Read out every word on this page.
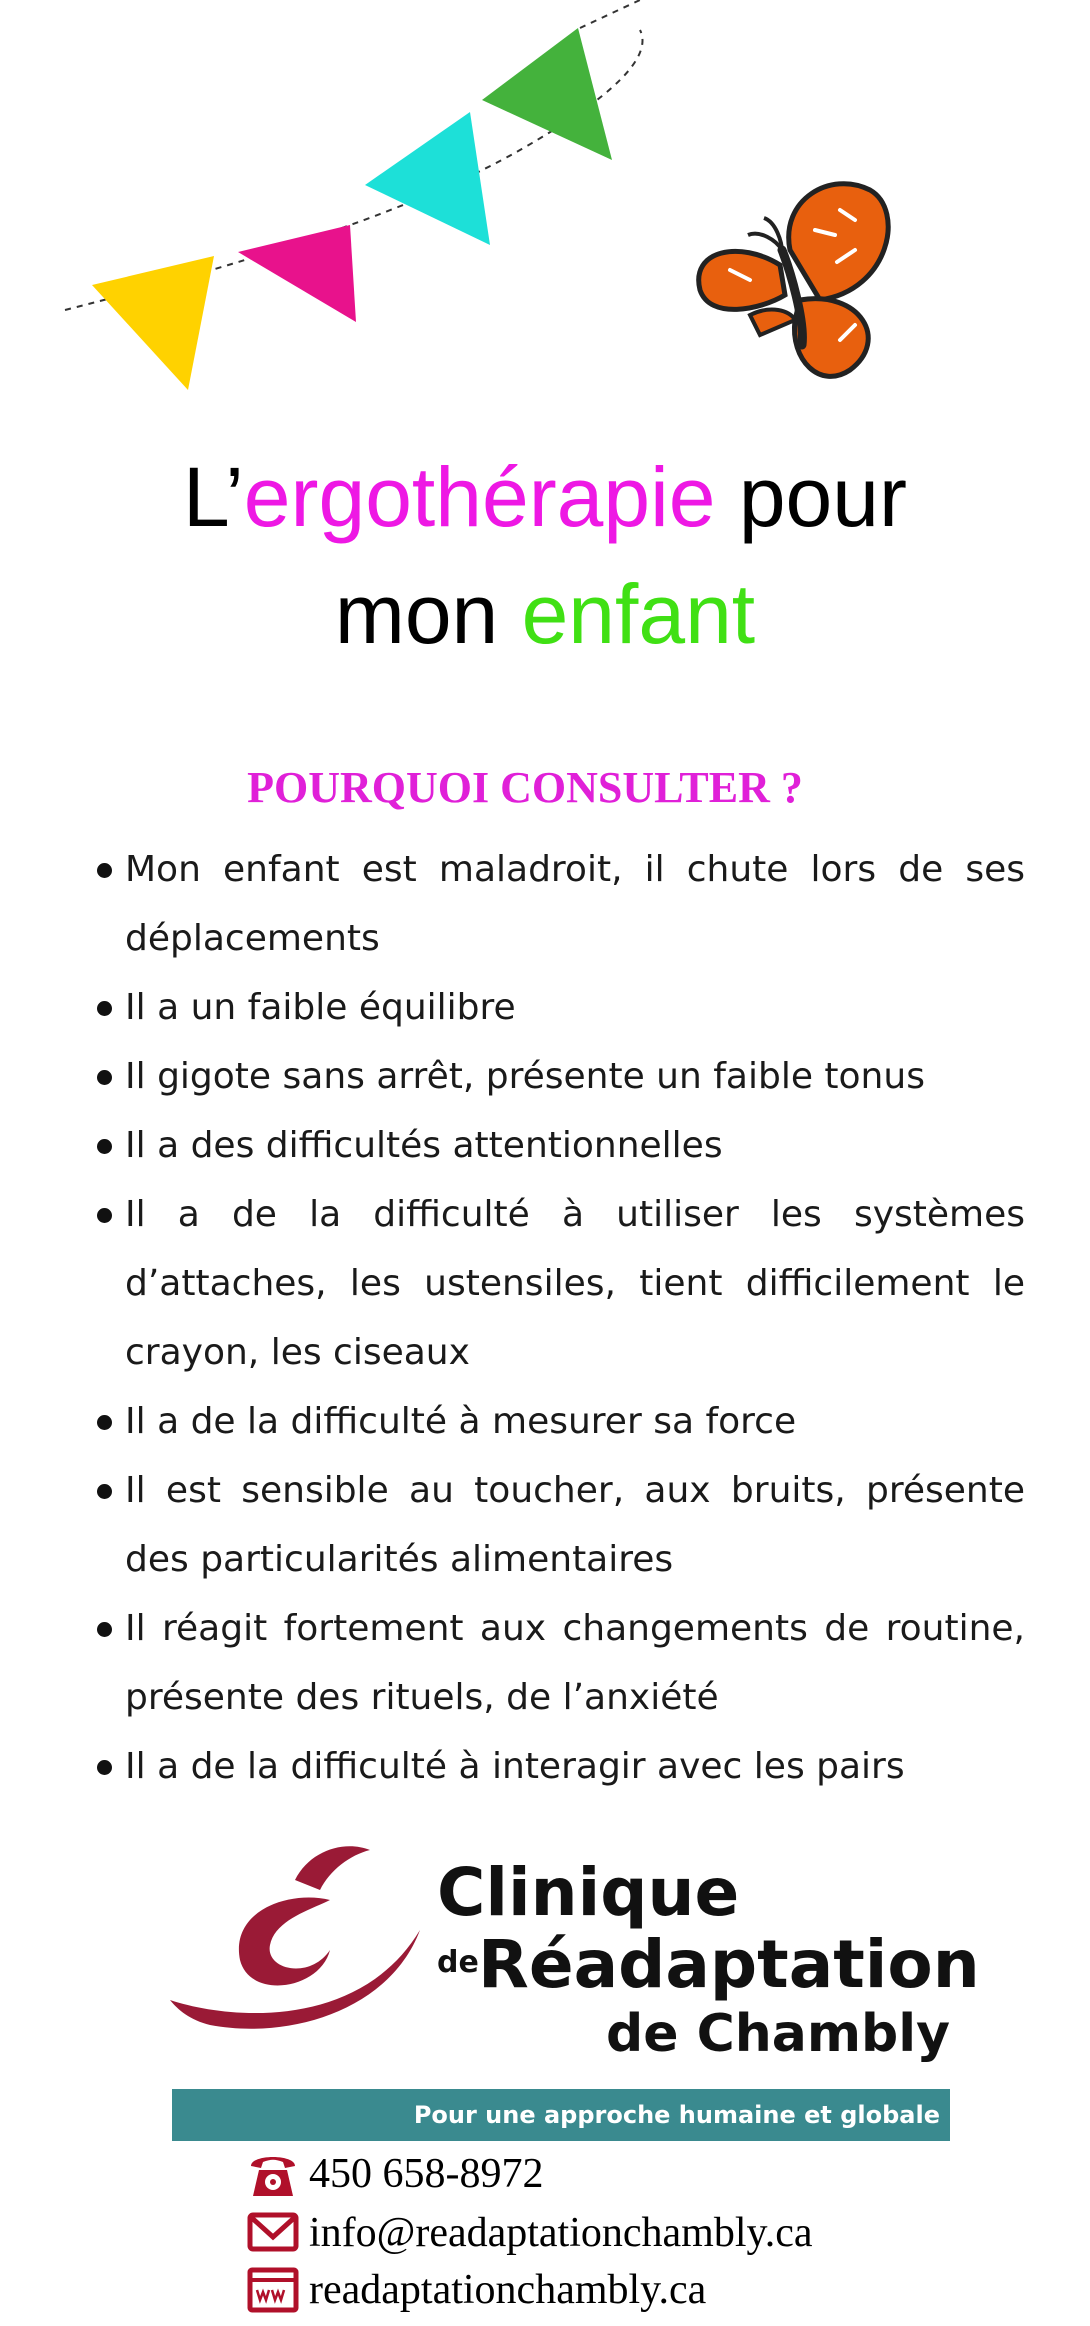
L’ergothérapie pour
mon enfant
POURQUOI CONSULTER ?
Mon enfant est maladroit, il chute lors de ses déplacements
Il a un faible équilibre
Il gigote sans arrêt, présente un faible tonus
Il a des difficultés attentionnelles
Il a de la difficulté à utiliser les systèmes d’attaches, les ustensiles, tient difficilement le crayon, les ciseaux
Il a de la difficulté à mesurer sa force
Il est sensible au toucher, aux bruits, présente des particularités alimentaires
Il réagit fortement aux changements de routine, présente des rituels, de l’anxiété
Il a de la difficulté à interagir avec les pairs
Clinique
de Réadaptation
de Chambly
Pour une approche humaine et globale
450 658-8972
info@readaptationchambly.ca
readaptationchambly.ca
